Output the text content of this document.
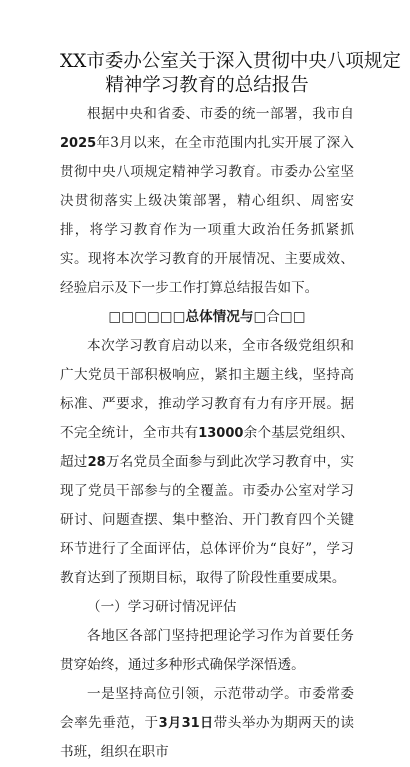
XX市委办公室关于深入贯彻中央八项规定
精神学习教育的总结报告

根据中央和省委、市委的统一部署，我市自2025年3月以来，在全市范围内扎实开展了深入贯彻中央八项规定精神学习教育。市委办公室坚决贯彻落实上级决策部署，精心组织、周密安排，将学习教育作为一项重大政治任务抓紧抓实。现将本次学习教育的开展情况、主要成效、经验启示及下一步工作打算总结报告如下。

□□□□□□总体情况与□合□□

本次学习教育启动以来，全市各级党组织和广大党员干部积极响应，紧扣主题主线，坚持高标准、严要求，推动学习教育有力有序开展。据不完全统计，全市共有13000余个基层党组织、超过28万名党员全面参与到此次学习教育中，实现了党员干部参与的全覆盖。市委办公室对学习研讨、问题查摆、集中整治、开门教育四个关键环节进行了全面评估，总体评价为“良好”，学习教育达到了预期目标，取得了阶段性重要成果。

（一）学习研讨情况评估

各地区各部门坚持把理论学习作为首要任务贯穿始终，通过多种形式确保学深悟透。

一是坚持高位引领，示范带动学。市委常委会率先垂范，于3月31日带头举办为期两天的读书班，组织在职市
